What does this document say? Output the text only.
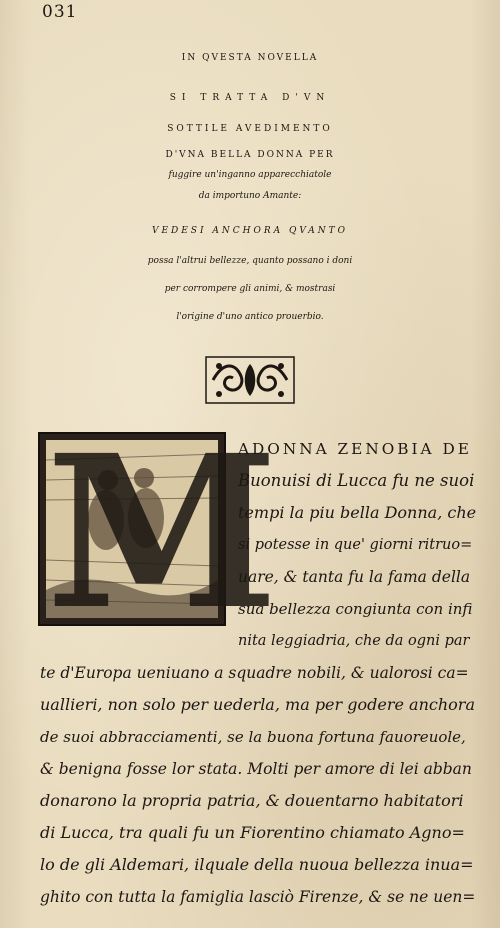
031
IN QVESTA NOVELLA
SI TRATTA D'VN
SOTTILE AVEDIMENTO
D'VNA BELLA DONNA PER
fuggire un'inganno apparecchiatole
da importuno Amante:
VEDESI ANCHORA QVANTO
possa l'altrui bellezze, quanto possano i doni
per corrompere gli animi, & mostrasi
l'origine d'uno antico prouerbio.
M
ADONNA ZENOBIA DE
Buonuisi di Lucca fu ne suoi
tempi la piu bella Donna, che
si potesse in que' giorni ritruo=
uare, & tanta fu la fama della
sua bellezza congiunta con infi
nita leggiadria, che da ogni par
te d'Europa ueniuano a squadre nobili, & ualorosi ca=
uallieri, non solo per uederla, ma per godere anchora
de suoi abbracciamenti, se la buona fortuna fauoreuole,
& benigna fosse lor stata. Molti per amore di lei abban
donarono la propria patria, & douentarno habitatori
di Lucca, tra quali fu un Fiorentino chiamato Agno=
lo de gli Aldemari, ilquale della nuoua bellezza inua=
ghito con tutta la famiglia lasciò Firenze, & se ne uen=
